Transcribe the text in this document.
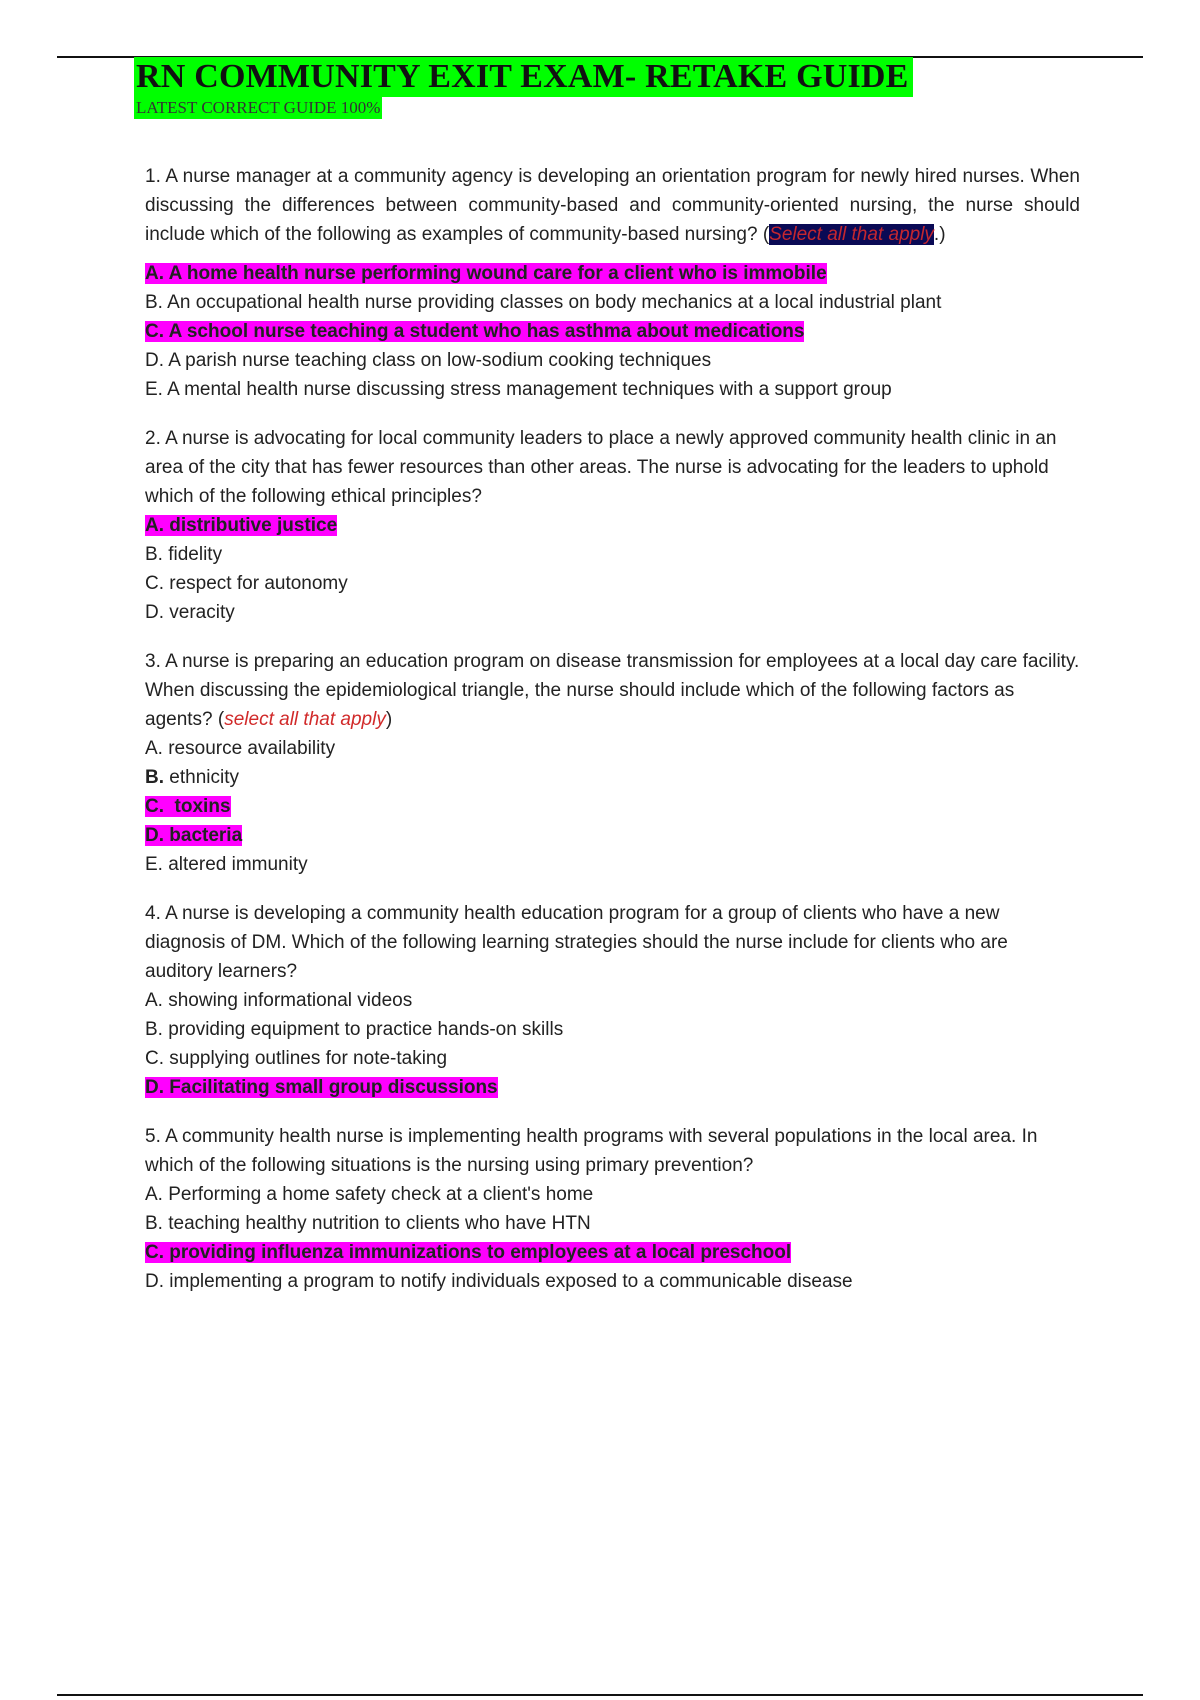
RN COMMUNITY EXIT EXAM- RETAKE GUIDE
LATEST CORRECT GUIDE 100%

1. A nurse manager at a community agency is developing an orientation program for newly hired nurses. When discussing the differences between community-based and community-oriented nursing, the nurse should include which of the following as examples of community-based nursing? (Select all that apply.)

A. A home health nurse performing wound care for a client who is immobile

B. An occupational health nurse providing classes on body mechanics at a local industrial plant

C. A school nurse teaching a student who has asthma about medications

D. A parish nurse teaching class on low-sodium cooking techniques

E. A mental health nurse discussing stress management techniques with a support group

2. A nurse is advocating for local community leaders to place a newly approved community health clinic in an area of the city that has fewer resources than other areas. The nurse is advocating for the leaders to uphold which of the following ethical principles?

A. distributive justice

B. fidelity

C. respect for autonomy

D. veracity

3. A nurse is preparing an education program on disease transmission for employees at a local day care facility. When discussing the epidemiological triangle, the nurse should include which of the following factors as agents? (select all that apply)

A. resource availability

B. ethnicity

C.  toxins

D. bacteria

E. altered immunity

4. A nurse is developing a community health education program for a group of clients who have a new diagnosis of DM. Which of the following learning strategies should the nurse include for clients who are auditory learners?

A. showing informational videos

B. providing equipment to practice hands-on skills

C. supplying outlines for note-taking

D. Facilitating small group discussions

5. A community health nurse is implementing health programs with several populations in the local area. In which of the following situations is the nursing using primary prevention?

A. Performing a home safety check at a client's home

B. teaching healthy nutrition to clients who have HTN

C. providing influenza immunizations to employees at a local preschool

D. implementing a program to notify individuals exposed to a communicable disease
